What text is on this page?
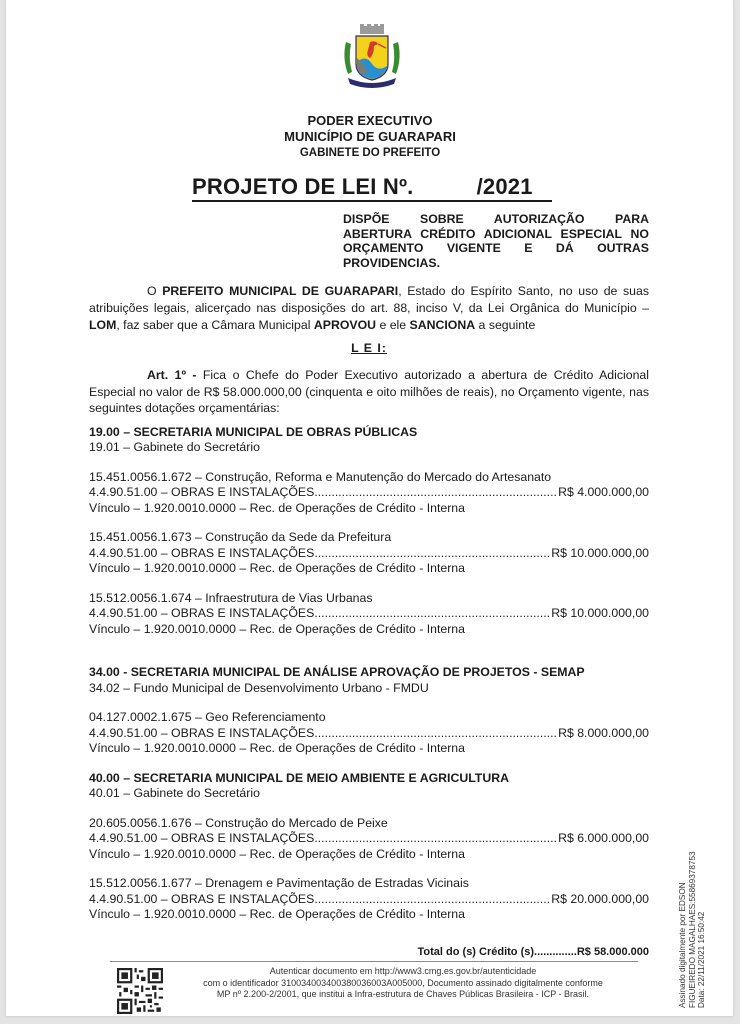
PODER EXECUTIVO
MUNICÍPIO DE GUARAPARI
GABINETE DO PREFEITO
PROJETO DE LEI Nº.          /2021
DISPÕE SOBRE AUTORIZAÇÃO PARA
ABERTURA CRÉDITO ADICIONAL ESPECIAL NO
ORÇAMENTO VIGENTE E DÁ OUTRAS
PROVIDENCIAS.
O PREFEITO MUNICIPAL DE GUARAPARI, Estado do Espírito Santo, no uso de suas atribuições legais, alicerçado nas disposições do art. 88, inciso V, da Lei Orgânica do Município – LOM, faz saber que a Câmara Municipal APROVOU e ele SANCIONA a seguinte
L E I:
Art. 1º - Fica o Chefe do Poder Executivo autorizado a abertura de Crédito Adicional Especial no valor de R$ 58.000.000,00 (cinquenta e oito milhões de reais), no Orçamento vigente, nas seguintes dotações orçamentárias:
19.00 – SECRETARIA MUNICIPAL DE OBRAS PÚBLICAS
19.01 – Gabinete do Secretário
15.451.0056.1.672 – Construção, Reforma e Manutenção do Mercado do Artesanato
4.4.90.51.00 – OBRAS E INSTALAÇÕES .....	R$ 4.000.000,00
Vínculo – 1.920.0010.0000 – Rec. de Operações de Crédito - Interna
15.451.0056.1.673 – Construção da Sede da Prefeitura
4.4.90.51.00 – OBRAS E INSTALAÇÕES .....	R$ 10.000.000,00
Vínculo – 1.920.0010.0000 – Rec. de Operações de Crédito - Interna
15.512.0056.1.674 – Infraestrutura de Vias Urbanas
4.4.90.51.00 – OBRAS E INSTALAÇÕES .....	R$ 10.000.000,00
Vínculo – 1.920.0010.0000 – Rec. de Operações de Crédito - Interna
34.00 - SECRETARIA MUNICIPAL DE ANÁLISE APROVAÇÃO DE PROJETOS - SEMAP
34.02 – Fundo Municipal de Desenvolvimento Urbano - FMDU
04.127.0002.1.675 – Geo Referenciamento
4.4.90.51.00 – OBRAS E INSTALAÇÕES .....	R$ 8.000.000,00
Vínculo – 1.920.0010.0000 – Rec. de Operações de Crédito - Interna
40.00 – SECRETARIA MUNICIPAL DE MEIO AMBIENTE E AGRICULTURA
40.01 – Gabinete do Secretário
20.605.0056.1.676 – Construção do Mercado de Peixe
4.4.90.51.00 – OBRAS E INSTALAÇÕES .....	R$ 6.000.000,00
Vínculo – 1.920.0010.0000 – Rec. de Operações de Crédito - Interna
15.512.0056.1.677 – Drenagem e Pavimentação de Estradas Vicinais
4.4.90.51.00 – OBRAS E INSTALAÇÕES .....	R$ 20.000.000,00
Vínculo – 1.920.0010.0000 – Rec. de Operações de Crédito - Interna
Total do (s) Crédito (s) .....	R$ 58.000.000
Autenticar documento em http://www3.cmg.es.gov.br/autenticidade
com o identificador 310034003400380036003A005000, Documento assinado digitalmente conforme
MP nº 2.200-2/2001, que institui a Infra-estrutura de Chaves Públicas Brasileira - ICP - Brasil.	Assinado digitalmente por EDSON FIGUEIREDO MAGALHAES:55869378753 Data: 22/11/2021 16:50:42
